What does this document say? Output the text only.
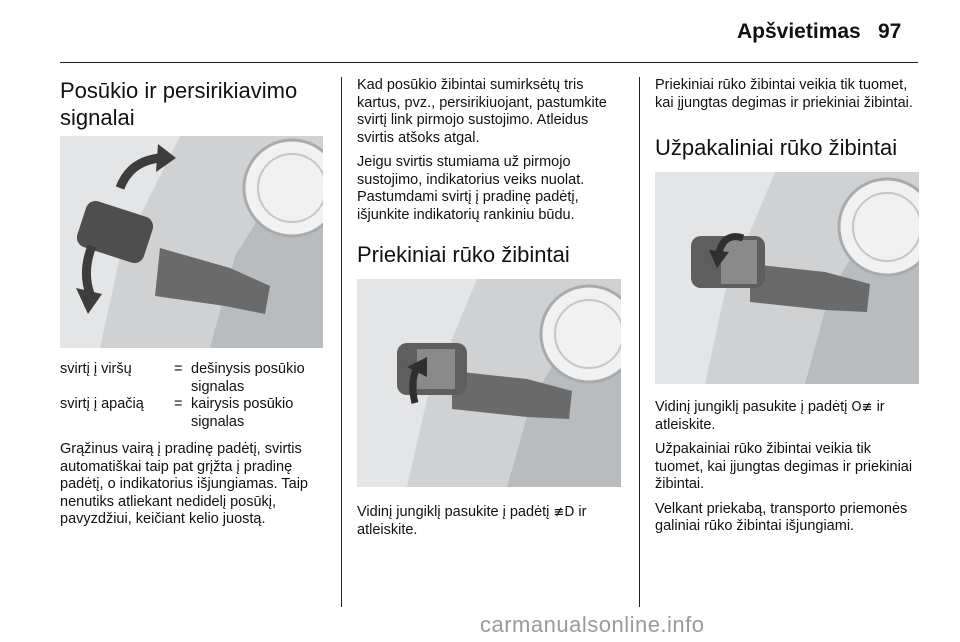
Apšvietimas 97
Posūkio ir persirikiavimo signalai
svirtį į viršų	=	dešinysis posūkio signalas
svirtį į apačią	=	kairysis posūkio signalas

Grąžinus vairą į pradinę padėtį, svirtis automatiškai taip pat grįžta į pradinę padėtį, o indikatorius išjungiamas. Taip nenutiks atliekant nedidelį posūkį, pavyzdžiui, keičiant kelio juostą.

Kad posūkio žibintai sumirksėtų tris kartus, pvz., persirikiuojant, pastumkite svirtį link pirmojo sustojimo. Atleidus svirtis atšoks atgal.

Jeigu svirtis stumiama už pirmojo sustojimo, indikatorius veiks nuolat. Pastumdami svirtį į pradinę padėtį, išjunkite indikatorių rankiniu būdu.

Priekiniai rūko žibintai

Vidinį jungiklį pasukite į padėtį ≢D ir atleiskite.

Priekiniai rūko žibintai veikia tik tuomet, kai įjungtas degimas ir priekiniai žibintai.

Užpakaliniai rūko žibintai

Vidinį jungiklį pasukite į padėtį O≢ ir atleiskite.

Užpakainiai rūko žibintai veikia tik tuomet, kai įjungtas degimas ir priekiniai žibintai.

Velkant priekabą, transporto priemonės galiniai rūko žibintai išjungiami.

carmanualsonline.info
